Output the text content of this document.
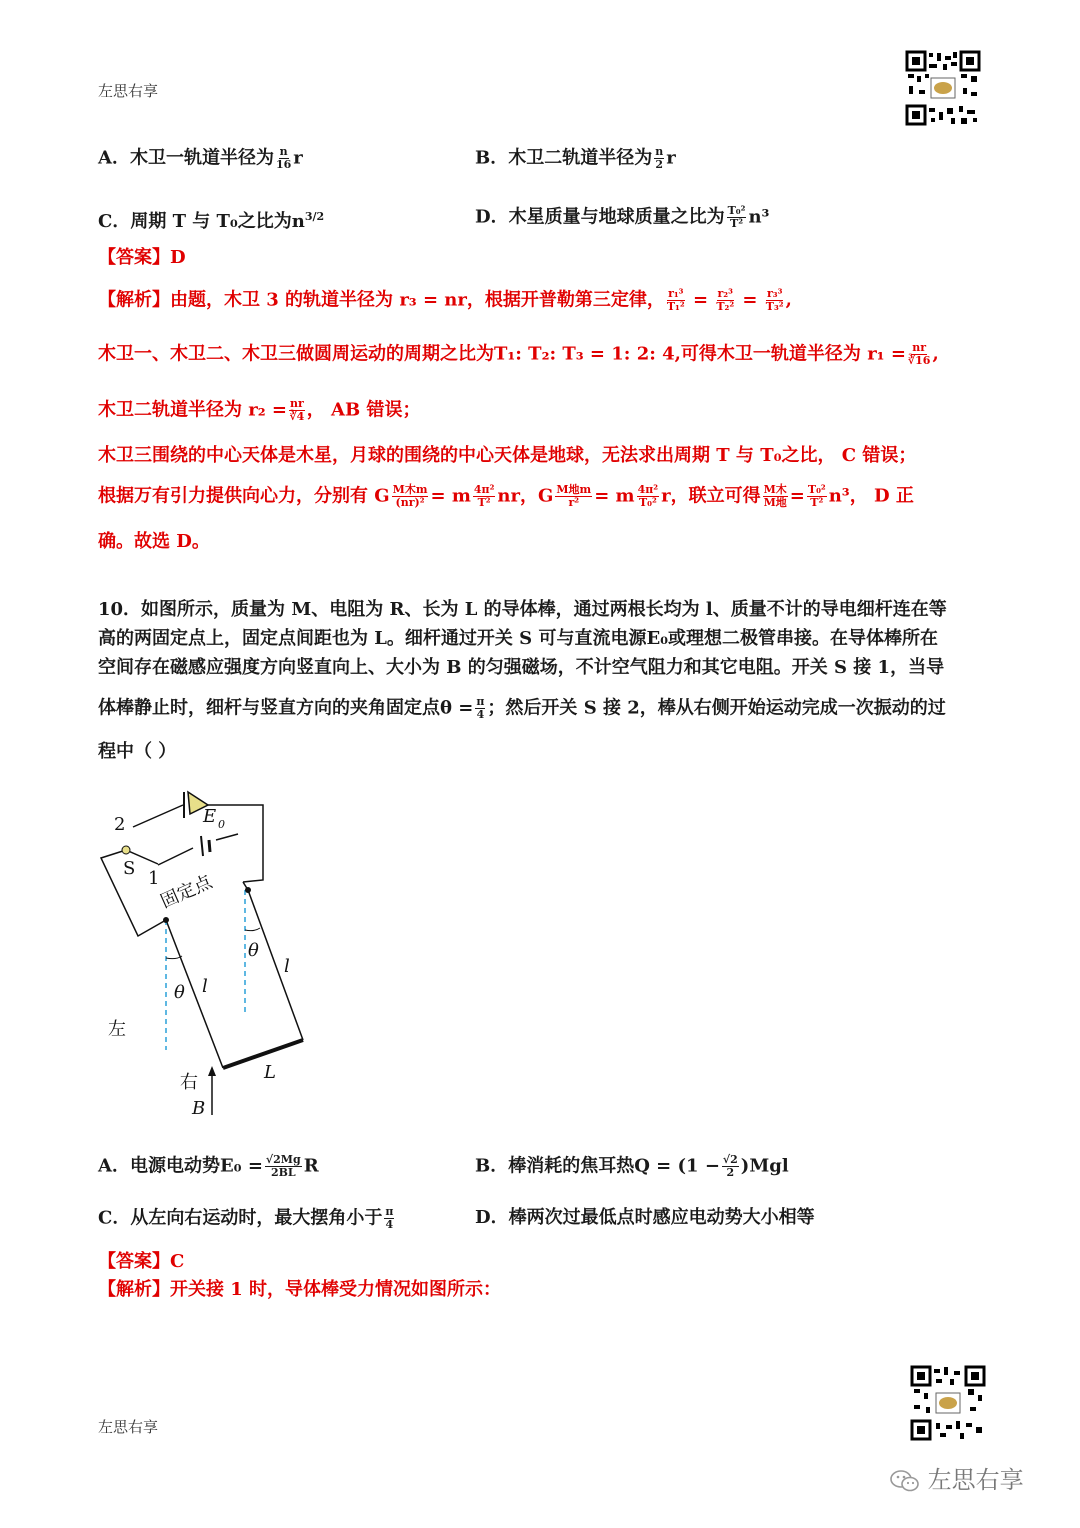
左思右享
A．木卫一轨道半径为 $\frac{n}{16}$ r	B．木卫二轨道半径为 $\frac{n}{2}$ r
C．周期 T 与 T₀之比为$n^{3/2}$	D．木星质量与地球质量之比为 $\frac{\text{T₀²}}{\text{T²}} n^3$
【答案】D
【解析】由题，木卫 3 的轨道半径为 r₃ = nr，根据开普勒第三定律， $\frac{\text{r₁³}}{\text{T₁²}} = \frac{\text{r₂³}}{\text{T₂²}} = \frac{\text{r₃³}}{\text{T₃²}}$ ,
木卫一、木卫二、木卫三做圆周运动的周期之比为T₁: T₂: T₃ = 1: 2: 4,可得木卫一轨道半径为 $r_1 = \frac{nr}{∛16}$ ,
木卫二轨道半径为 $r_2 = \frac{nr}{∛4}$ ， AB 错误；
木卫三围绕的中心天体是木星，月球的围绕的中心天体是地球，无法求出周期 T 与 T₀之比， C 错误；
根据万有引力提供向心力，分别有 G $\frac{\text{M木m}}{\text{(nr)²}} = m \frac{\text{4π²}}{\text{T²}}$ nr，G $\frac{\text{M地m}}{\text{r²}} = m \frac{\text{4π²}}{\text{T₀²}}$ r，联立可得 $\frac{\text{M木}}{\text{M地}} = \frac{\text{T₀²}}{\text{T²}} n^3$， D 正
确。故选 D。
10．如图所示，质量为 M、电阻为 R、长为 L 的导体棒，通过两根长均为 l、质量不计的导电细杆连在等
高的两固定点上，固定点间距也为 L。细杆通过开关 S 可与直流电源E₀或理想二极管串接。在导体棒所在
空间存在磁感应强度方向竖直向上、大小为 B 的匀强磁场，不计空气阻力和其它电阻。开关 S 接 1，当导
体棒静止时，细杆与竖直方向的夹角固定点$\theta = \frac{\pi}{4}$ ；然后开关 S 接 2，棒从右侧开始运动完成一次振动的过
程中（ ）
2
1
S
E 0
固定点
θ
θ
l
l
左
右	L
B
A．电源电动势$E_0 = \frac{√2Mg}{2BL}$ R	B．棒消耗的焦耳热$Q = (1 - \frac{√2}{2} )Mgl$
C．从左向右运动时，最大摆角小于 $\frac{\pi}{4}$	D．棒两次过最低点时感应电动势大小相等
【答案】C
【解析】开关接 1 时，导体棒受力情况如图所示：
左思右享
左思右享
